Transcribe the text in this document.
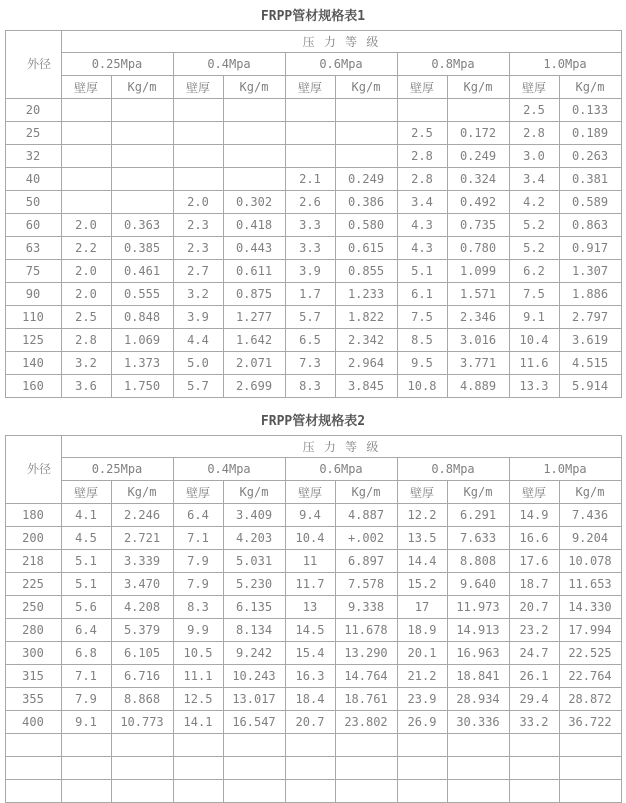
FRPP管材规格表1
外径	压 力 等 级									
	0.25Mpa		0.4Mpa		0.6Mpa		0.8Mpa		1.0Mpa	
	壁厚	Kg/m	壁厚	Kg/m	壁厚	Kg/m	壁厚	Kg/m	壁厚	Kg/m
20									2.5	0.133
25							2.5	0.172	2.8	0.189
32							2.8	0.249	3.0	0.263
40					2.1	0.249	2.8	0.324	3.4	0.381
50			2.0	0.302	2.6	0.386	3.4	0.492	4.2	0.589
60	2.0	0.363	2.3	0.418	3.3	0.580	4.3	0.735	5.2	0.863
63	2.2	0.385	2.3	0.443	3.3	0.615	4.3	0.780	5.2	0.917
75	2.0	0.461	2.7	0.611	3.9	0.855	5.1	1.099	6.2	1.307
90	2.0	0.555	3.2	0.875	1.7	1.233	6.1	1.571	7.5	1.886
110	2.5	0.848	3.9	1.277	5.7	1.822	7.5	2.346	9.1	2.797
125	2.8	1.069	4.4	1.642	6.5	2.342	8.5	3.016	10.4	3.619
140	3.2	1.373	5.0	2.071	7.3	2.964	9.5	3.771	11.6	4.515
160	3.6	1.750	5.7	2.699	8.3	3.845	10.8	4.889	13.3	5.914
FRPP管材规格表2
外径	压 力 等 级									
	0.25Mpa		0.4Mpa		0.6Mpa		0.8Mpa		1.0Mpa	
	壁厚	Kg/m	壁厚	Kg/m	壁厚	Kg/m	壁厚	Kg/m	壁厚	Kg/m
180	4.1	2.246	6.4	3.409	9.4	4.887	12.2	6.291	14.9	7.436
200	4.5	2.721	7.1	4.203	10.4	+.002	13.5	7.633	16.6	9.204
218	5.1	3.339	7.9	5.031	11	6.897	14.4	8.808	17.6	10.078
225	5.1	3.470	7.9	5.230	11.7	7.578	15.2	9.640	18.7	11.653
250	5.6	4.208	8.3	6.135	13	9.338	17	11.973	20.7	14.330
280	6.4	5.379	9.9	8.134	14.5	11.678	18.9	14.913	23.2	17.994
300	6.8	6.105	10.5	9.242	15.4	13.290	20.1	16.963	24.7	22.525
315	7.1	6.716	11.1	10.243	16.3	14.764	21.2	18.841	26.1	22.764
355	7.9	8.868	12.5	13.017	18.4	18.761	23.9	28.934	29.4	28.872
400	9.1	10.773	14.1	16.547	20.7	23.802	26.9	30.336	33.2	36.722
